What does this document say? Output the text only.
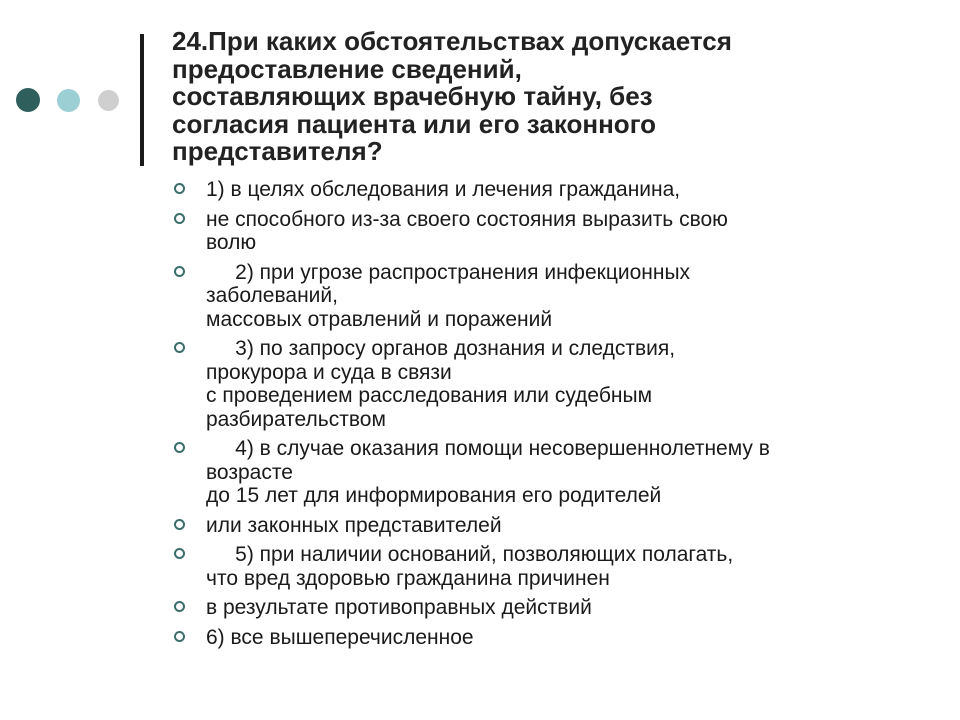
24.При каких обстоятельствах допускается
предоставление сведений,
составляющих врачебную тайну, без
согласия пациента или его законного
представителя?
1) в целях обследования и лечения гражданина,
не способного из-за своего состояния выразить свою
волю
2) при угрозе распространения инфекционных
заболеваний,
массовых отравлений и поражений
3) по запросу органов дознания и следствия,
прокурора и суда в связи
с проведением расследования или судебным
разбирательством
4) в случае оказания помощи несовершеннолетнему в
возрасте
до 15 лет для информирования его родителей
или законных представителей
5) при наличии оснований, позволяющих полагать,
что вред здоровью гражданина причинен
в результате противоправных действий
6) все вышеперечисленное
